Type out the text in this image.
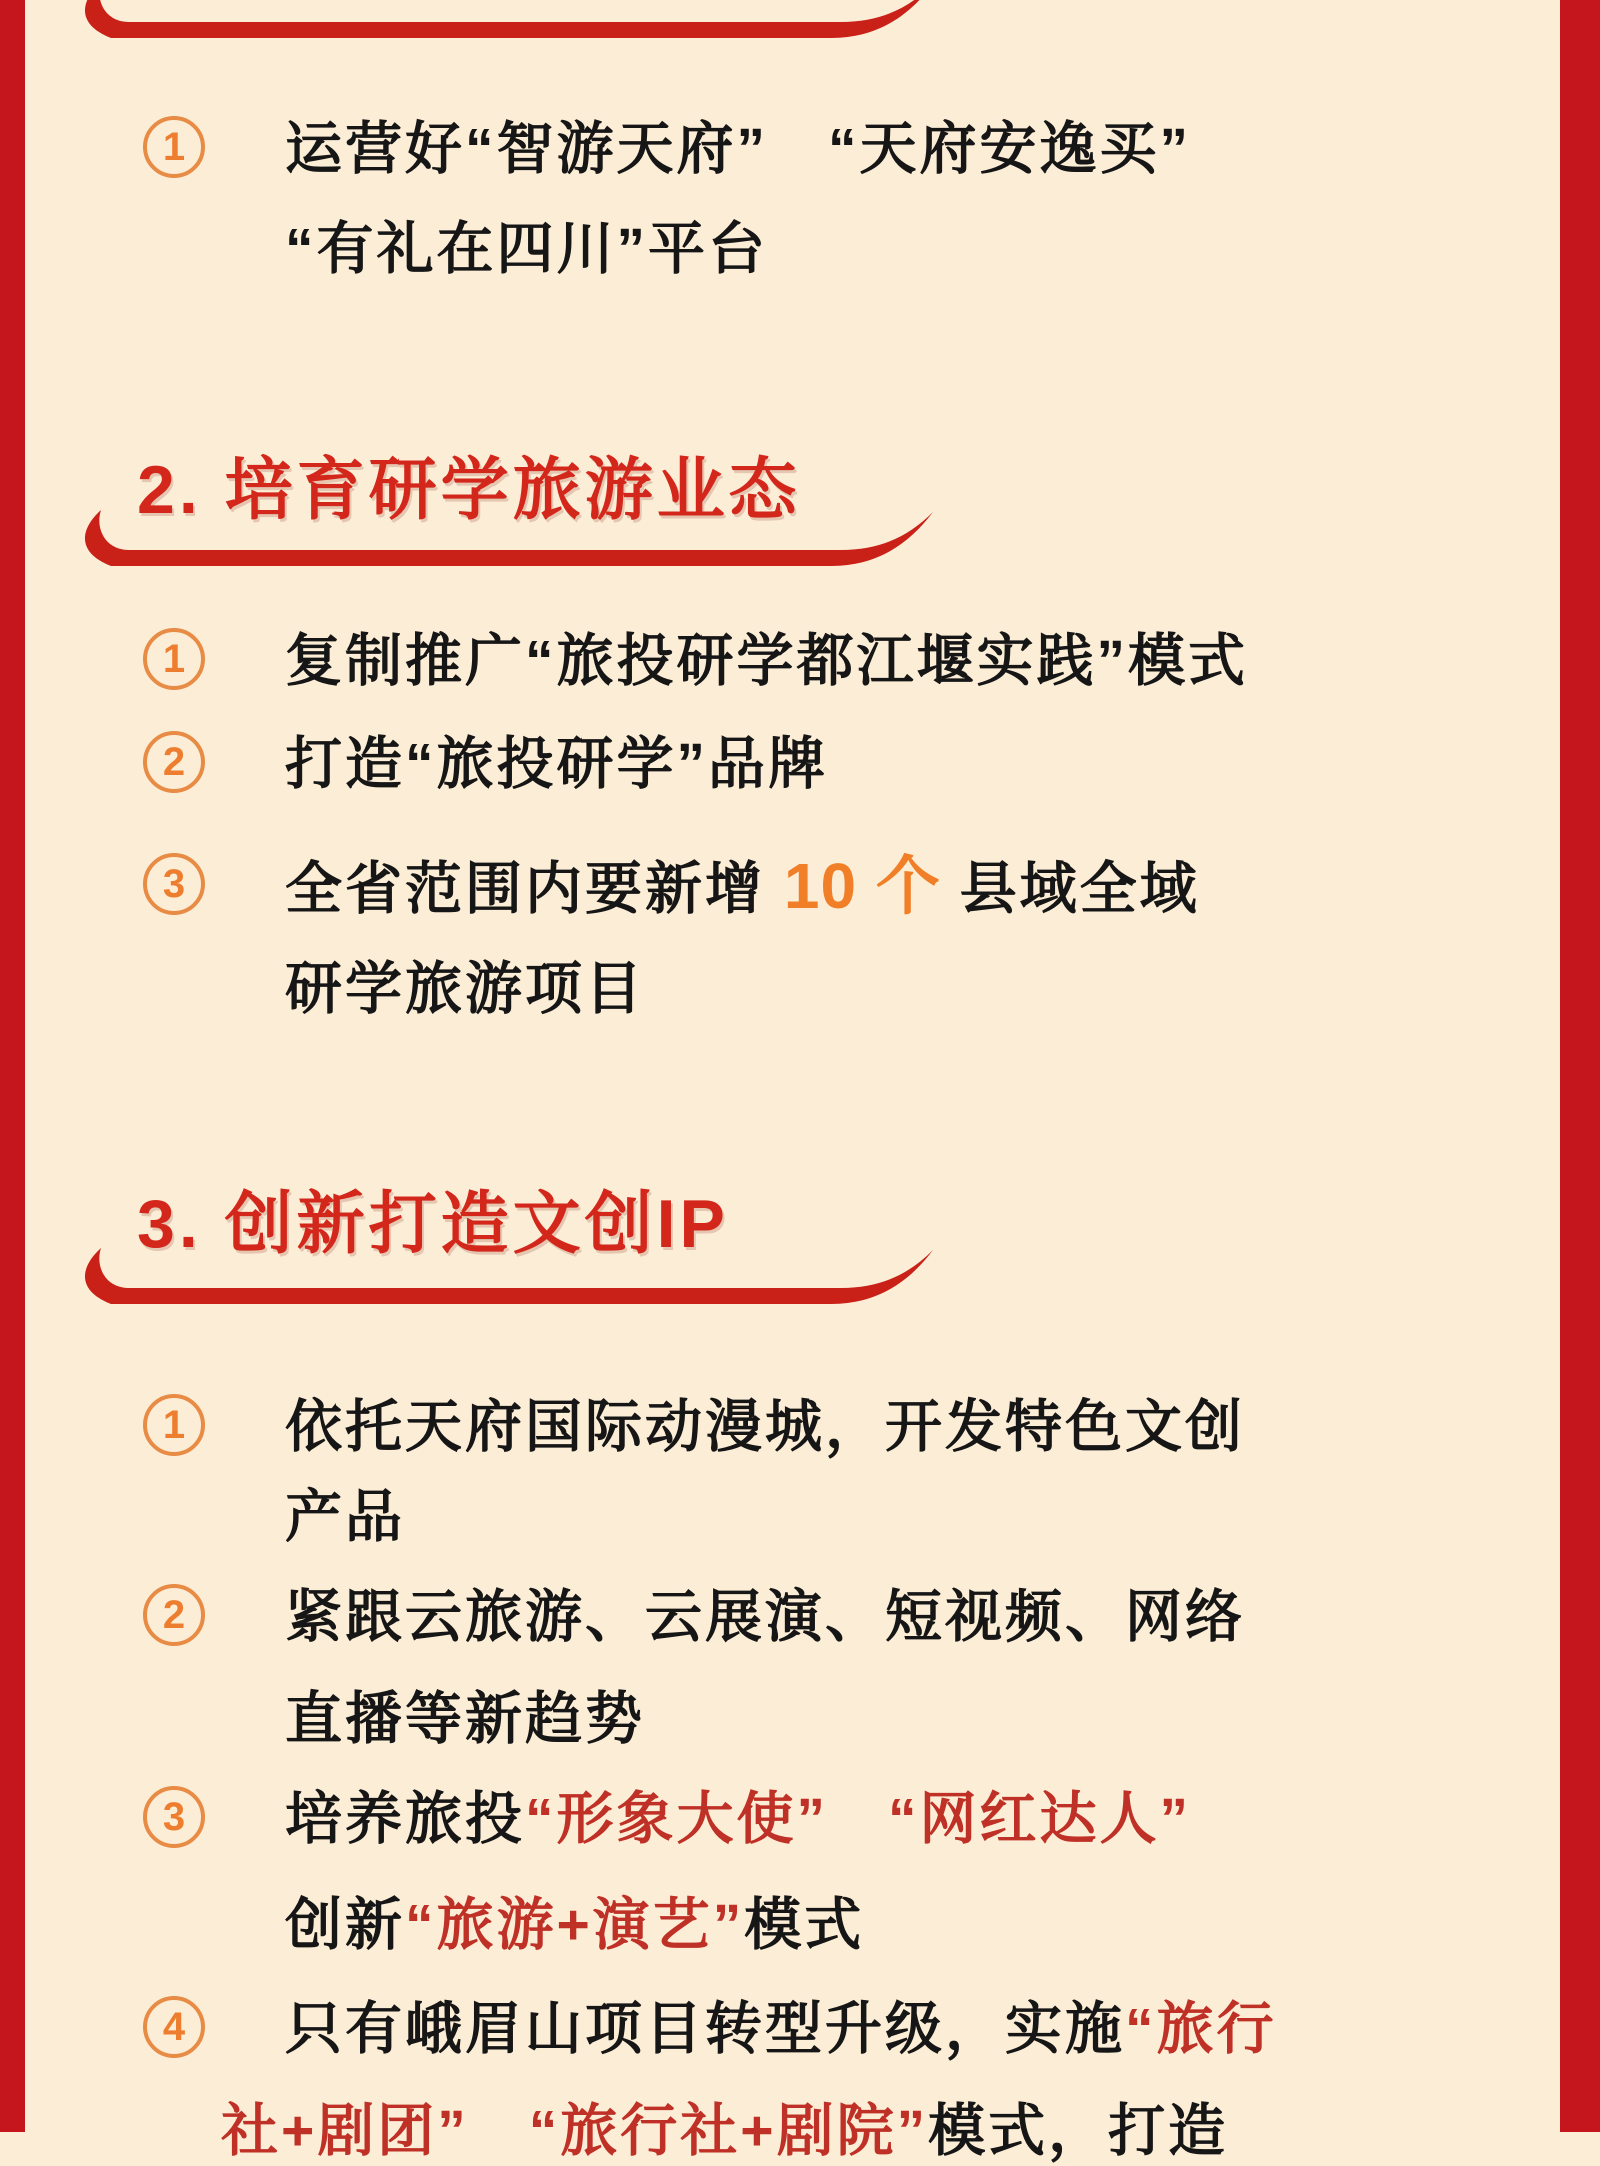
1 运营好“智游天府”　“天府安逸买”
“有礼在四川”平台
2. 培育研学旅游业态
1 复制推广“旅投研学都江堰实践”模式
2 打造“旅投研学”品牌
3 全省范围内要新增 10 个 县域全域
研学旅游项目
3. 创新打造文创IP
1 依托天府国际动漫城，开发特色文创
产品
2 紧跟云旅游、云展演、短视频、网络
直播等新趋势
3 培养旅投“形象大使”　 “网红达人”
创新“旅游+演艺”模式
4 只有峨眉山项目转型升级，实施“旅行
社+剧团”　 “旅行社+剧院”模式，打造
